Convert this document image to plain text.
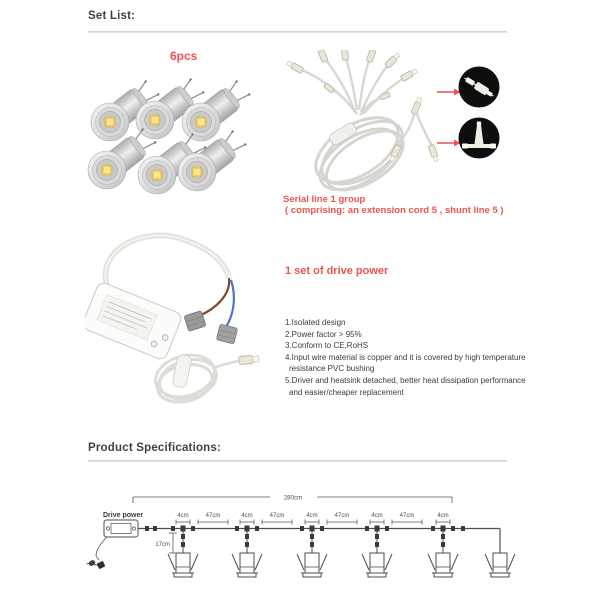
Set List:
6pcs
Serial line 1 group
( comprising: an extension cord 5 , shunt line 5 )
1 set of drive power
1.Isolated design
2.Power factor > 95%
3.Conform to CE,RoHS
4.Input wire material is copper and it is covered by high temperature
resistance PVC bushing
5.Driver and heatsink detached, better heat dissipation performance
and easier/cheaper replacement
Product Specifications:
280cm
Drive power	4cm	47cm	4cm	47cm	4cm	47cm	4cm	47cm	4cm
17cm
